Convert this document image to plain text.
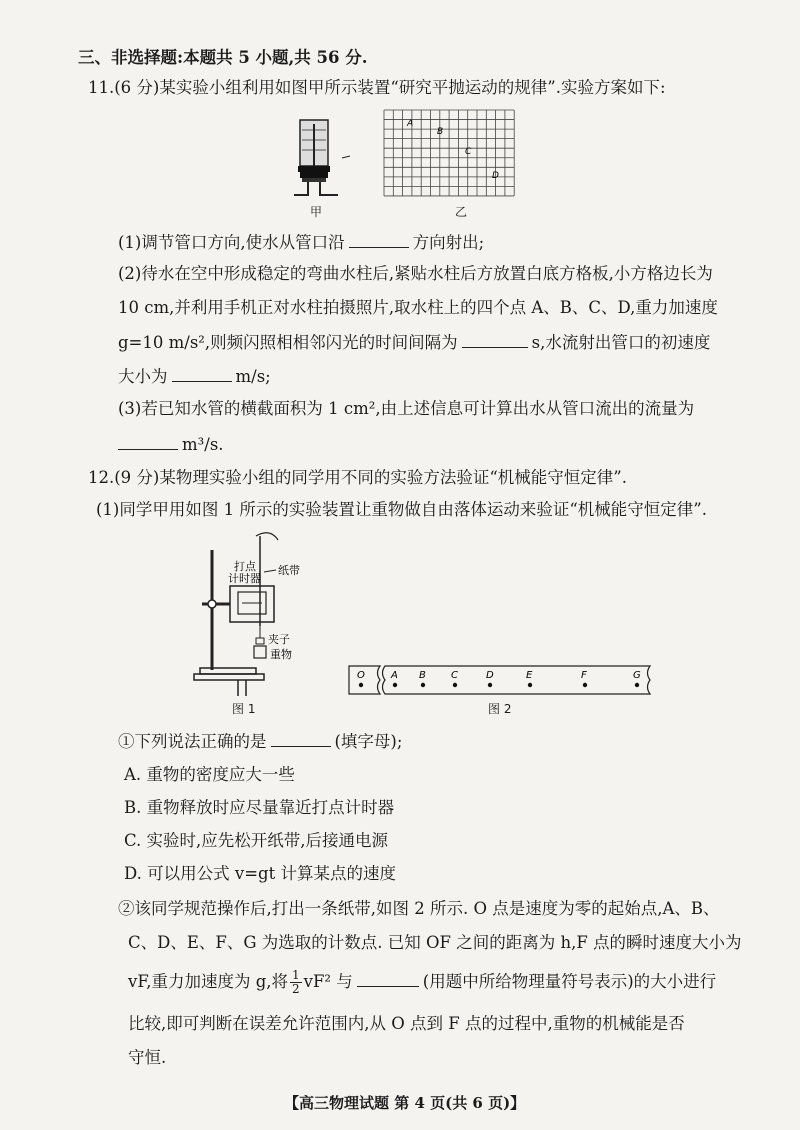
三、非选择题:本题共 5 小题,共 56 分.
11.(6 分)某实验小组利用如图甲所示装置“研究平抛运动的规律”.实验方案如下:
甲
A
B
C
D
乙
(1)调节管口方向,使水从管口沿	方向射出;
(2)待水在空中形成稳定的弯曲水柱后,紧贴水柱后方放置白底方格板,小方格边长为
10 cm,并利用手机正对水柱拍摄照片,取水柱上的四个点 A、B、C、D,重力加速度
g=10 m/s²,则频闪照相相邻闪光的时间间隔为	s,水流射出管口的初速度
大小为	m/s;
(3)若已知水管的横截面积为 1 cm²,由上述信息可计算出水从管口流出的流量为
m³/s.
12.(9 分)某物理实验小组的同学用不同的实验方法验证“机械能守恒定律”.
(1)同学甲用如图 1 所示的实验装置让重物做自由落体运动来验证“机械能守恒定律”.
打点
计时器
纸带
夹子
重物
图 1
O	A B	C	D	E	F	G
图 2
①下列说法正确的是	(填字母);
A. 重物的密度应大一些
B. 重物释放时应尽量靠近打点计时器
C. 实验时,应先松开纸带,后接通电源
D. 可以用公式 v=gt 计算某点的速度
②该同学规范操作后,打出一条纸带,如图 2 所示. O 点是速度为零的起始点,A、B、
C、D、E、F、G 为选取的计数点. 已知 OF 之间的距离为 h,F 点的瞬时速度大小为
vF,重力加速度为 g,将 $\frac{1}{2} vF^2$ 与	(用题中所给物理量符号表示)的大小进行
比较,即可判断在误差允许范围内,从 O 点到 F 点的过程中,重物的机械能是否
守恒.
【高三物理试题 第 4 页(共 6 页)】
